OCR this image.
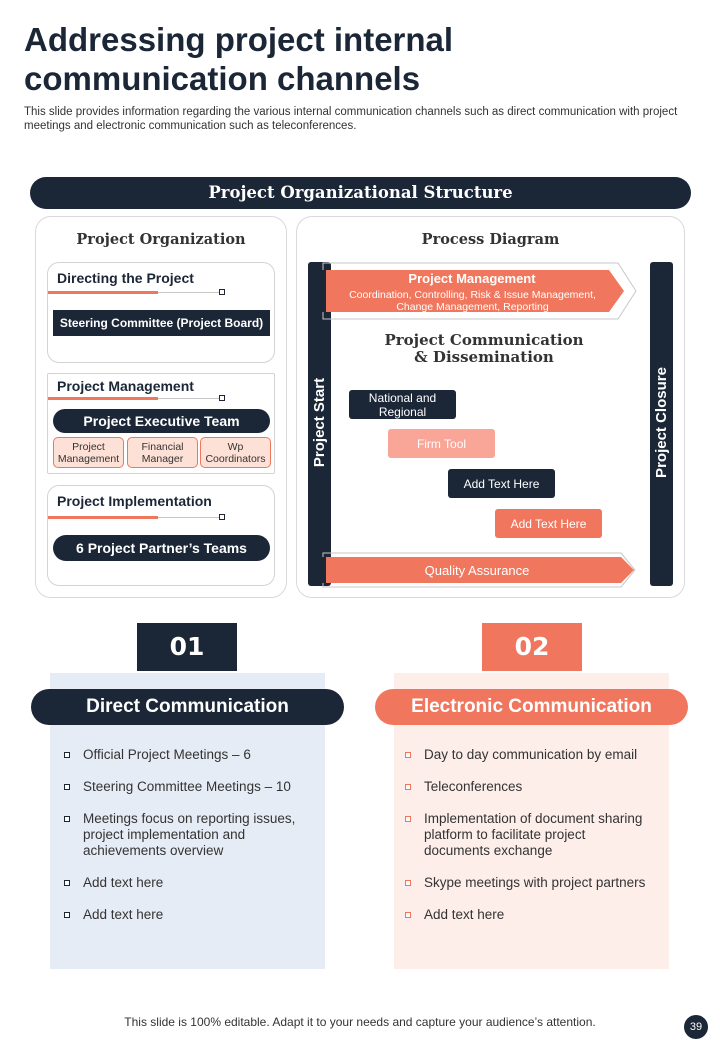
Addressing project internal communication channels
This slide provides information regarding the various internal communication channels such as direct communication with project meetings and electronic communication such as teleconferences.
Project Organizational Structure
Project Organization
Directing the Project
Steering Committee (Project Board)
Project Management
Project Executive Team
Project Management
Financial Manager
Wp Coordinators
Project Implementation
6 Project Partner’s Teams
Process Diagram
Project Start	Project Closure
Project Management
Coordination, Controlling, Risk & Issue Management, Change Management, Reporting
Project Communication & Dissemination
National and Regional
Firm Tool
Add Text Here
Add Text Here
Quality Assurance
01
Direct Communication
Official Project Meetings – 6
Steering Committee Meetings – 10
Meetings focus on reporting issues, project implementation and achievements overview
Add text here
Add text here
02
Electronic Communication
Day to day communication by email
Teleconferences
Implementation of document sharing platform to facilitate project documents exchange
Skype meetings with project partners
Add text here
This slide is 100% editable. Adapt it to your needs and capture your audience’s attention.	39
